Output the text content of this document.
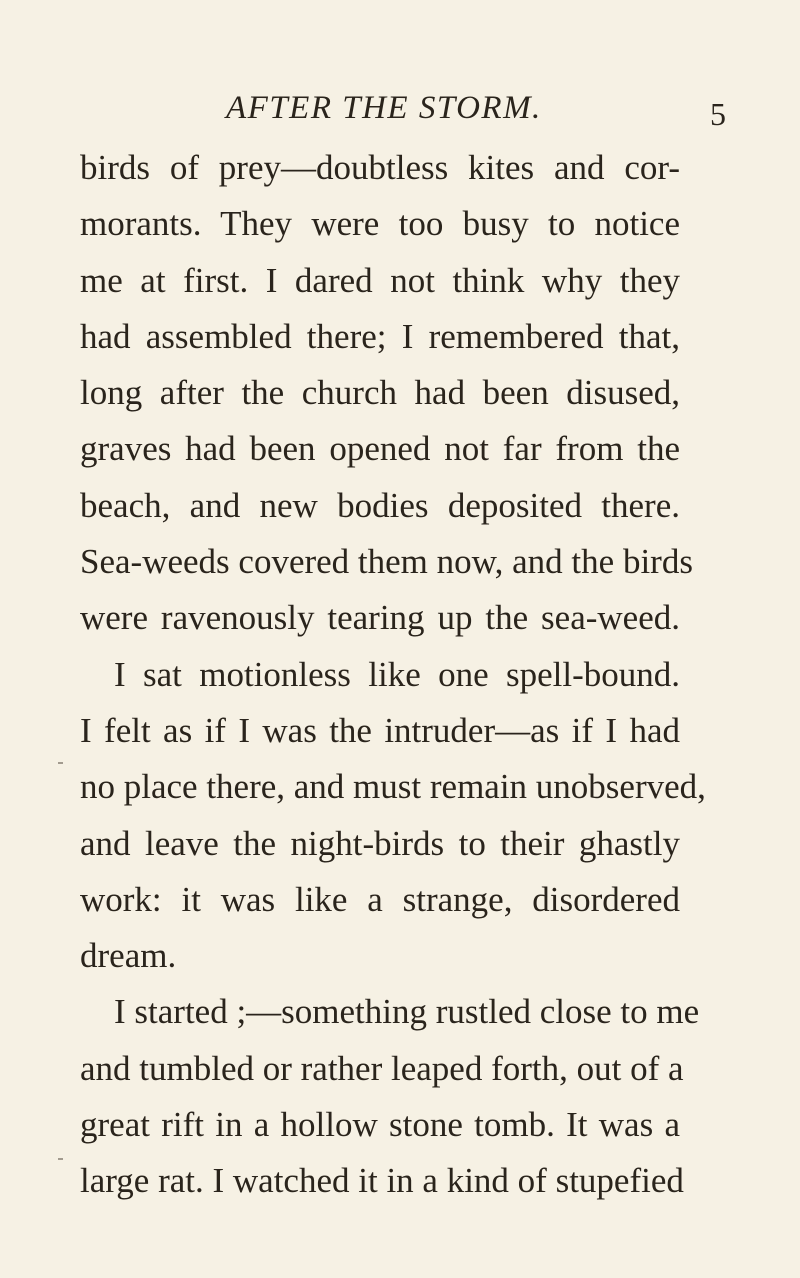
AFTER THE STORM.	5
birds of prey—doubtless kites and cor-
morants. They were too busy to notice
me at first. I dared not think why they
had assembled there; I remembered that,
long after the church had been disused,
graves had been opened not far from the
beach, and new bodies deposited there.
Sea-weeds covered them now, and the birds
were ravenously tearing up the sea-weed.
I sat motionless like one spell-bound.
I felt as if I was the intruder—as if I had
no place there, and must remain unobserved,
and leave the night-birds to their ghastly
work: it was like a strange, disordered
dream.
I started ;—something rustled close to me
and tumbled or rather leaped forth, out of a
great rift in a hollow stone tomb. It was a
large rat. I watched it in a kind of stupefied
